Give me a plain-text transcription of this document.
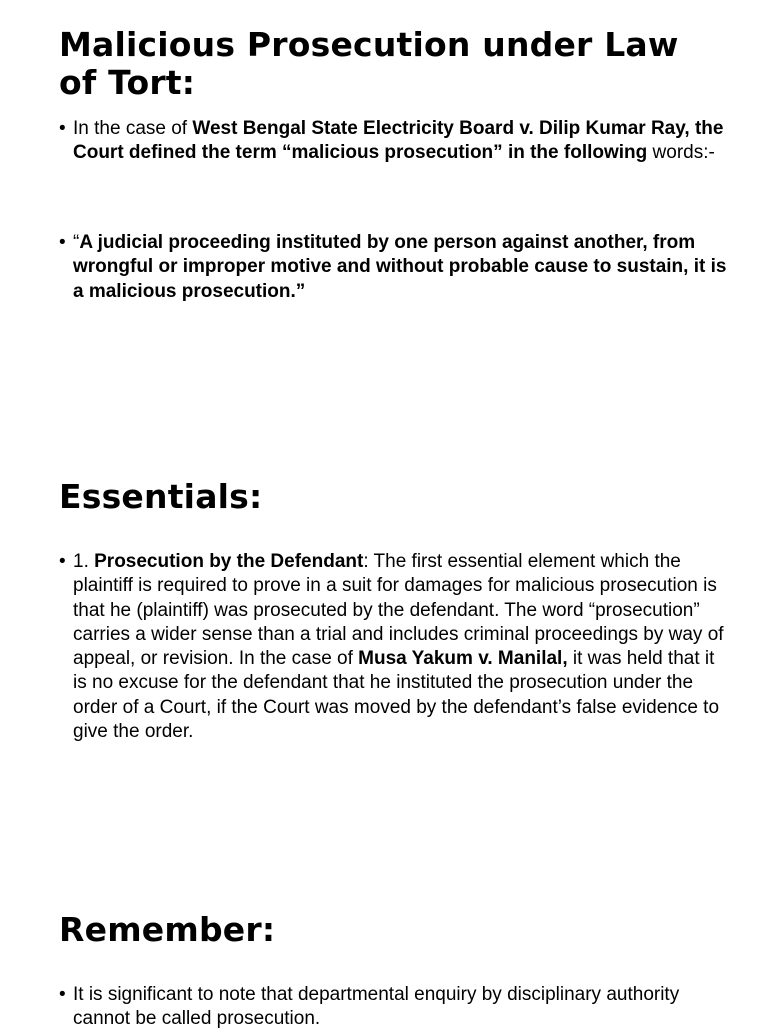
Malicious Prosecution under Law of Tort:
• In the case of West Bengal State Electricity Board v. Dilip Kumar Ray, the Court defined the term “malicious prosecution” in the following words:-
• “A judicial proceeding instituted by one person against another, from wrongful or improper motive and without probable cause to sustain, it is a malicious prosecution.”
Essentials:
• 1. Prosecution by the Defendant: The first essential element which the plaintiff is required to prove in a suit for damages for malicious prosecution is that he (plaintiff) was prosecuted by the defendant. The word “prosecution” carries a wider sense than a trial and includes criminal proceedings by way of appeal, or revision. In the case of Musa Yakum v. Manilal, it was held that it is no excuse for the defendant that he instituted the prosecution under the order of a Court, if the Court was moved by the defendant’s false evidence to give the order.
Remember:
• It is significant to note that departmental enquiry by disciplinary authority cannot be called prosecution.
